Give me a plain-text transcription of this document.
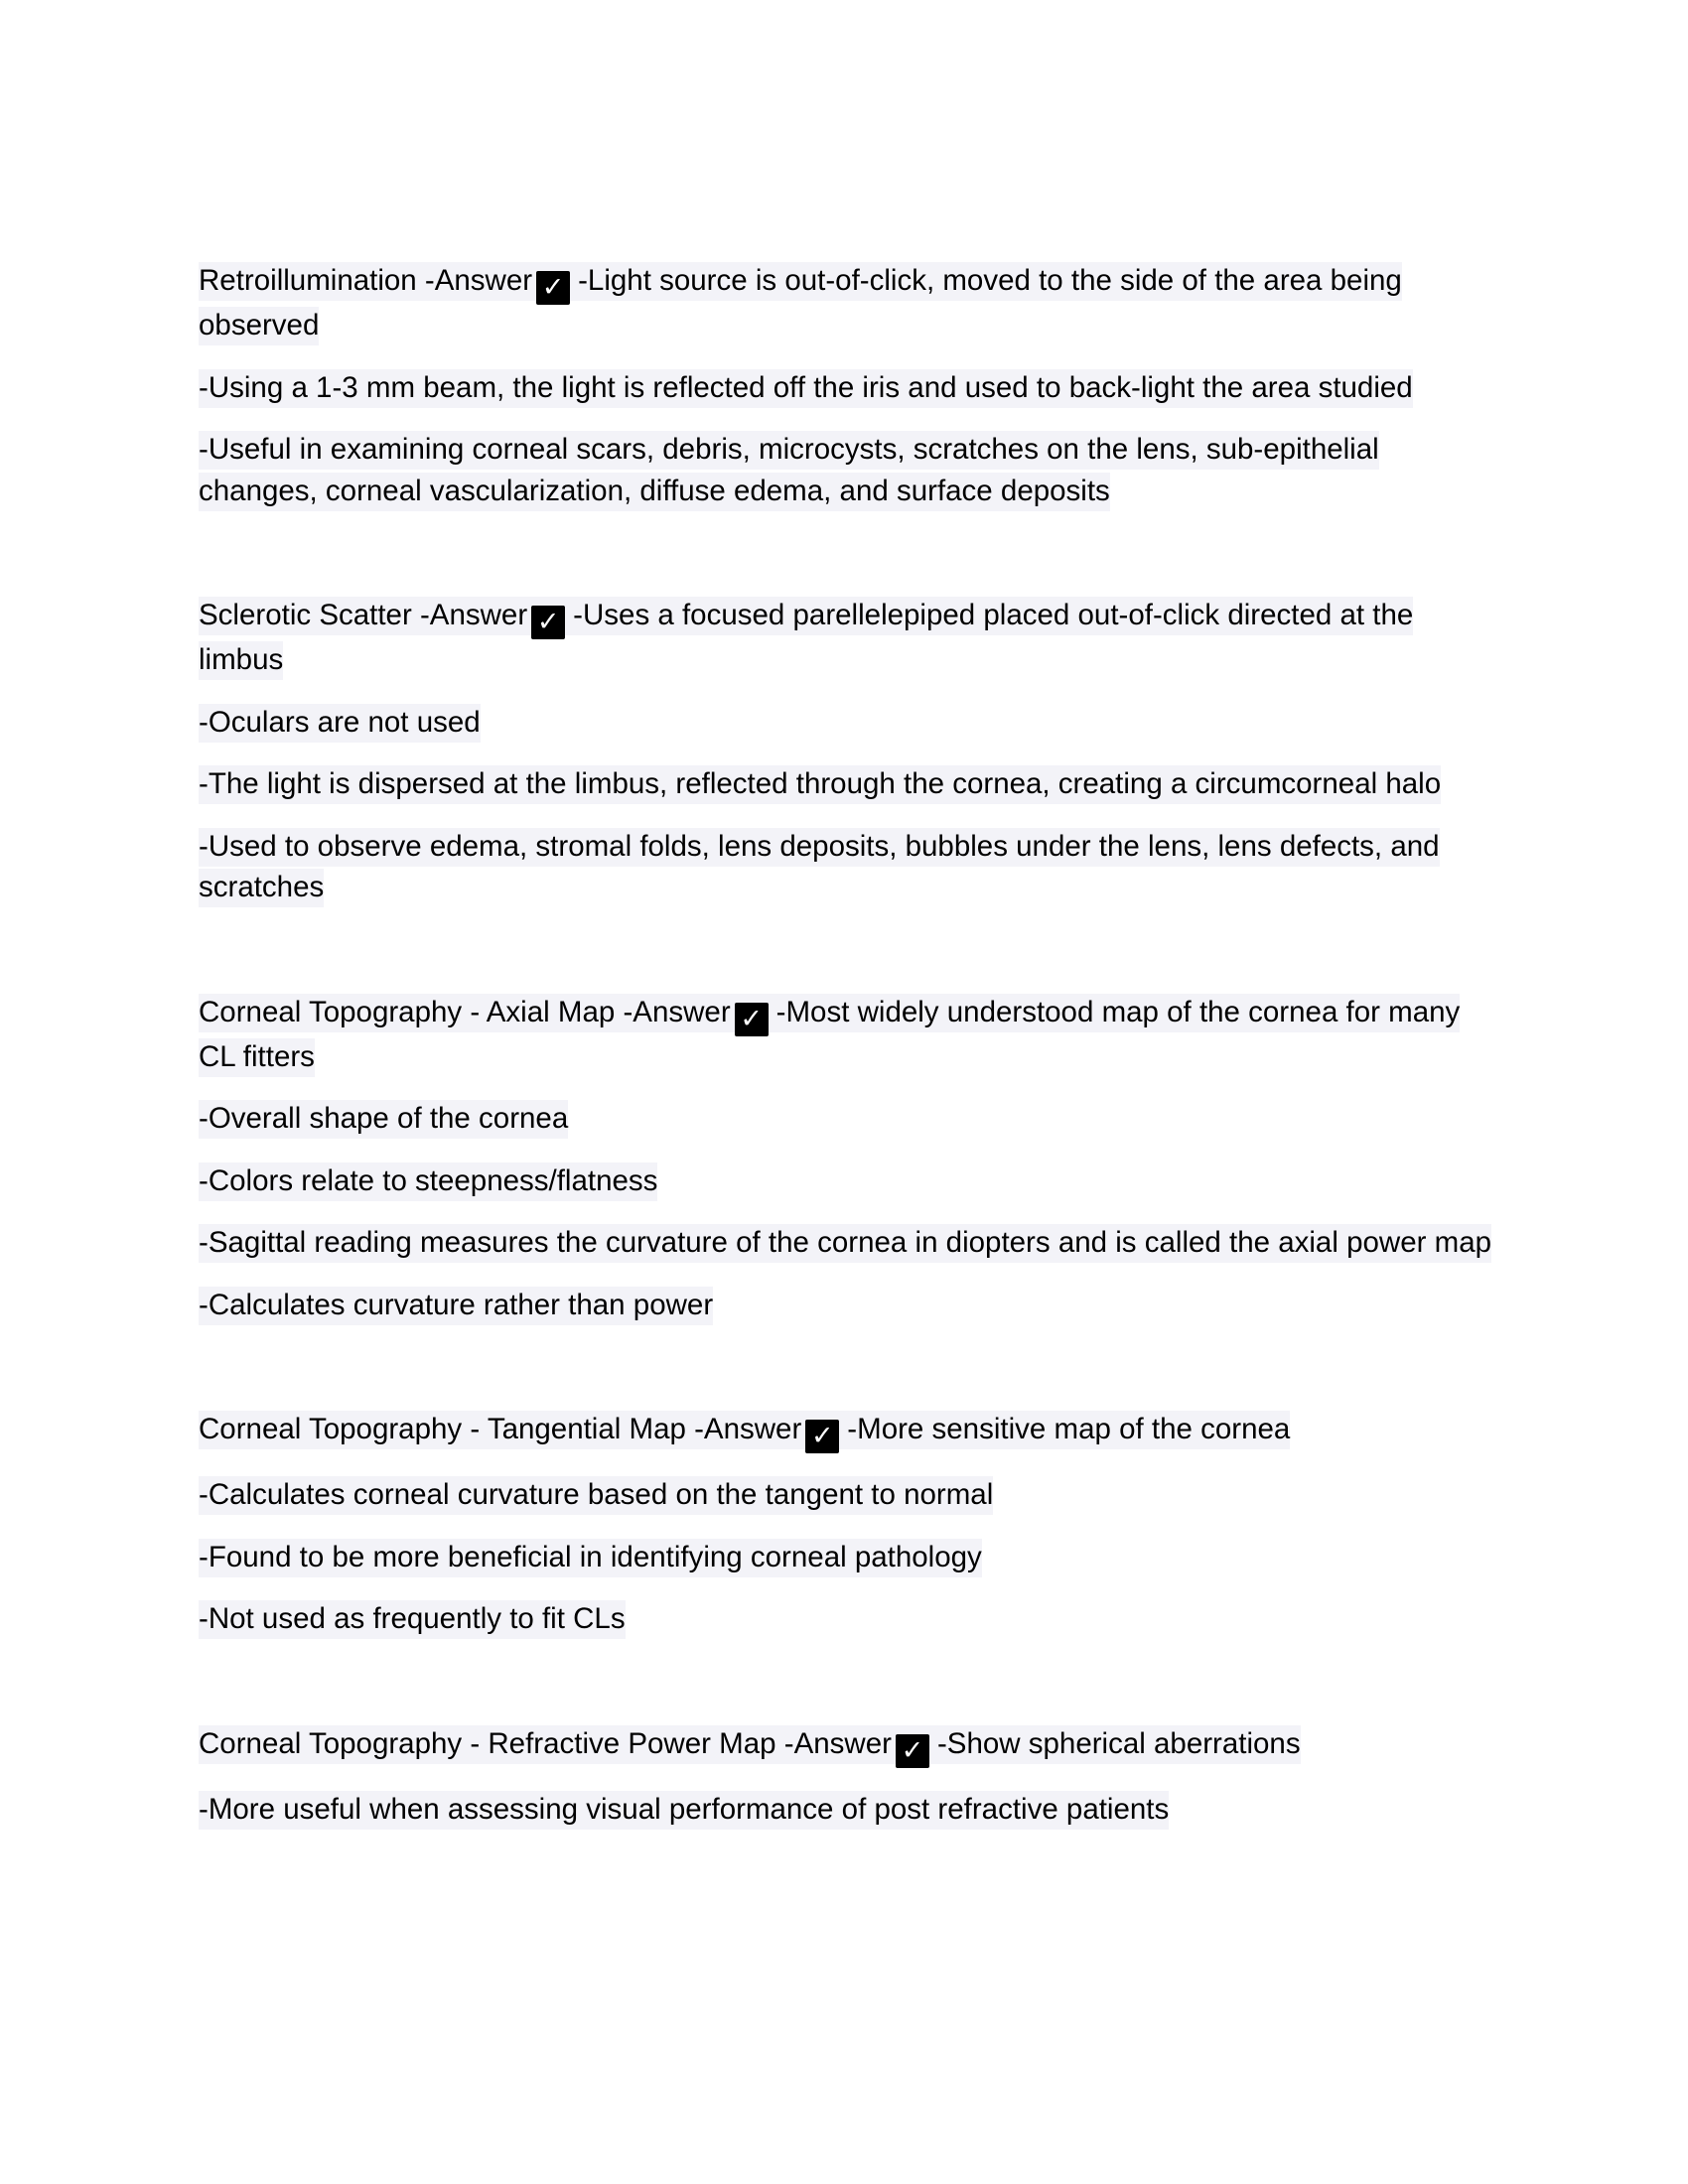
Retroillumination -Answer ✓ -Light source is out-of-click, moved to the side of the area being observed

-Using a 1-3 mm beam, the light is reflected off the iris and used to back-light the area studied

-Useful in examining corneal scars, debris, microcysts, scratches on the lens, sub-epithelial changes, corneal vascularization, diffuse edema, and surface deposits

Sclerotic Scatter -Answer ✓ -Uses a focused parellelepiped placed out-of-click directed at the limbus

-Oculars are not used

-The light is dispersed at the limbus, reflected through the cornea, creating a circumcorneal halo

-Used to observe edema, stromal folds, lens deposits, bubbles under the lens, lens defects, and scratches

Corneal Topography - Axial Map -Answer ✓ -Most widely understood map of the cornea for many CL fitters

-Overall shape of the cornea

-Colors relate to steepness/flatness

-Sagittal reading measures the curvature of the cornea in diopters and is called the axial power map

-Calculates curvature rather than power

Corneal Topography - Tangential Map -Answer ✓ -More sensitive map of the cornea

-Calculates corneal curvature based on the tangent to normal

-Found to be more beneficial in identifying corneal pathology

-Not used as frequently to fit CLs

Corneal Topography - Refractive Power Map -Answer ✓ -Show spherical aberrations

-More useful when assessing visual performance of post refractive patients
